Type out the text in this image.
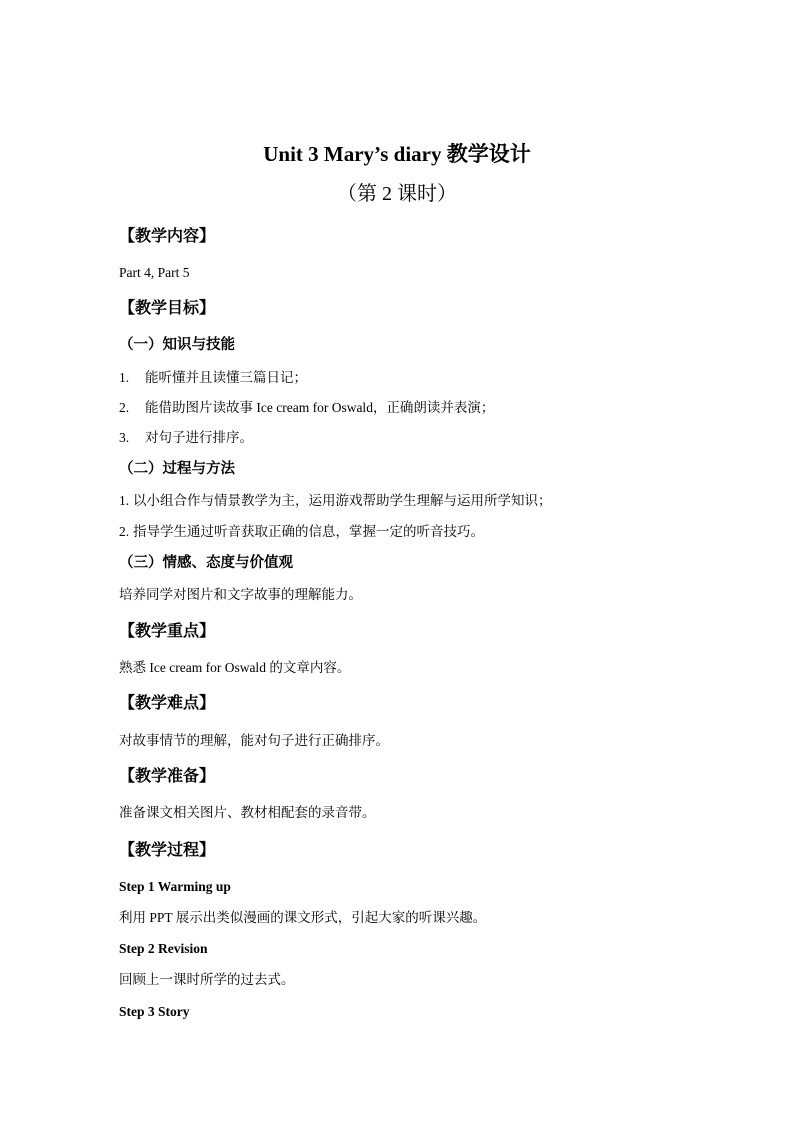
Unit 3 Mary’s diary 教学设计
（第 2 课时）
【教学内容】
Part 4, Part 5
【教学目标】
（一）知识与技能
1. 能听懂并且读懂三篇日记；
2. 能借助图片读故事 Ice cream for Oswald，正确朗读并表演；
3. 对句子进行排序。
（二）过程与方法
1. 以小组合作与情景教学为主，运用游戏帮助学生理解与运用所学知识；
2. 指导学生通过听音获取正确的信息，掌握一定的听音技巧。
（三）情感、态度与价值观
培养同学对图片和文字故事的理解能力。
【教学重点】
熟悉 Ice cream for Oswald 的文章内容。
【教学难点】
对故事情节的理解，能对句子进行正确排序。
【教学准备】
准备课文相关图片、教材相配套的录音带。
【教学过程】
Step 1 Warming up
利用 PPT 展示出类似漫画的课文形式，引起大家的听课兴趣。
Step 2 Revision
回顾上一课时所学的过去式。
Step 3 Story
